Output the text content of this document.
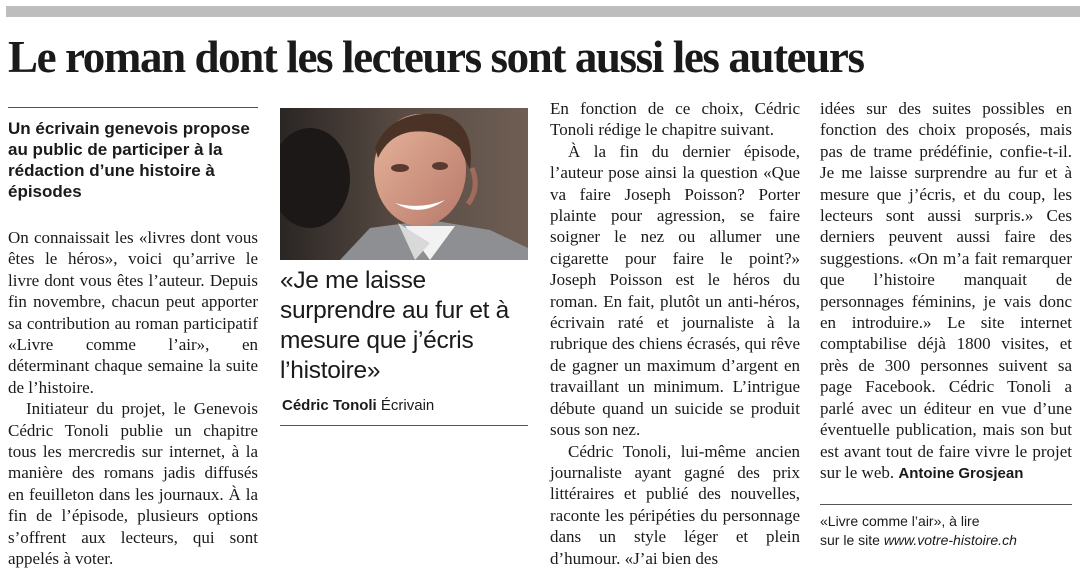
Le roman dont les lecteurs sont aussi les auteurs
Un écrivain genevois propose au public de participer à la rédaction d’une histoire à épisodes

On connaissait les «livres dont vous êtes le héros», voici qu’arrive le livre dont vous êtes l’auteur. Depuis fin novembre, chacun peut apporter sa contribution au roman participatif «Livre comme l’air», en déterminant chaque semaine la suite de l’histoire.

Initiateur du projet, le Genevois Cédric Tonoli publie un chapitre tous les mercredis sur internet, à la manière des romans jadis diffusés en feuilleton dans les journaux. À la fin de l’épisode, plusieurs options s’offrent aux lecteurs, qui sont appelés à voter.

«Je me laisse surprendre au fur et à mesure que j’écris l’histoire»
Cédric Tonoli Écrivain

En fonction de ce choix, Cédric Tonoli rédige le chapitre suivant.

À la fin du dernier épisode, l’auteur pose ainsi la question «Que va faire Joseph Poisson? Porter plainte pour agression, se faire soigner le nez ou allumer une cigarette pour faire le point?» Joseph Poisson est le héros du roman. En fait, plutôt un anti-héros, écrivain raté et journaliste à la rubrique des chiens écrasés, qui rêve de gagner un maximum d’argent en travaillant un minimum. L’intrigue débute quand un suicide se produit sous son nez.

Cédric Tonoli, lui-même ancien journaliste ayant gagné des prix littéraires et publié des nouvelles, raconte les péripéties du personnage dans un style léger et plein d’humour. «J’ai bien des

idées sur des suites possibles en fonction des choix proposés, mais pas de trame prédéfinie, confie-t-il. Je me laisse surprendre au fur et à mesure que j’écris, et du coup, les lecteurs sont aussi surpris.» Ces derniers peuvent aussi faire des suggestions. «On m’a fait remarquer que l’histoire manquait de personnages féminins, je vais donc en introduire.» Le site internet comptabilise déjà 1800 visites, et près de 300 personnes suivent sa page Facebook. Cédric Tonoli a parlé avec un éditeur en vue d’une éventuelle publication, mais son but est avant tout de faire vivre le projet sur le web. Antoine Grosjean

«Livre comme l’air», à lire
sur le site www.votre-histoire.ch
